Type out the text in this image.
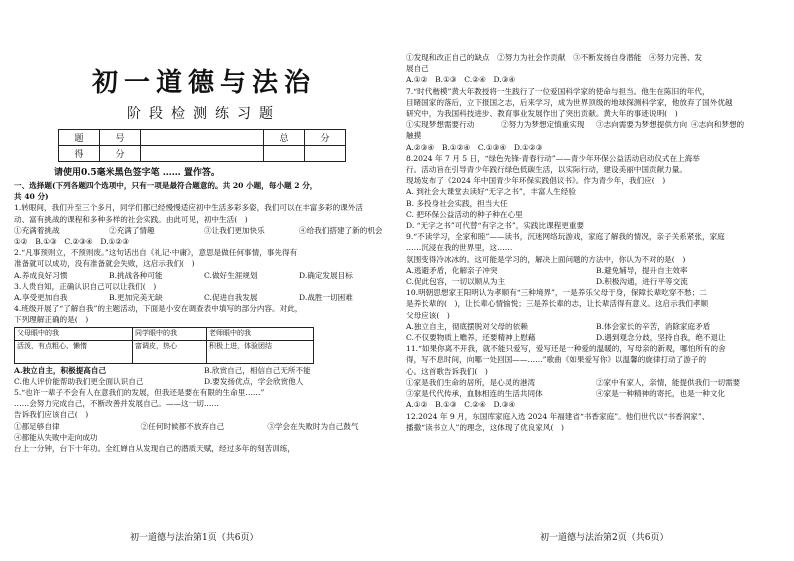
初一道德与法治
阶段检测练习题
题	号		总	分
得	分			
请使用0.5毫米黑色签字笔 …… 置作答。
一、选择题(下列各题四个选项中，只有一项是最符合题意的。共 20 小题，每小题 2 分，
共 40 分)
1.转眼间，我们升至三个多月，同学们都已经慢慢适应初中生活多彩多姿，我们可以在丰富多彩的课外活
动、富有挑战的课程和多种多样的社会实践。由此可见，初中生活(　)
①充满着挑战	②充满了情趣	③让我们更加快乐	④给我们搭建了新的机会
①②　B.①③　C.②③④　D.①②③
2.“凡事预则立，不预则废。”这句话出自《礼记·中庸》，意思是做任何事情，事先得有
准备就可以成功，没有准备就会失败，这启示我们(　)
A.养成良好习惯	B.挑战各种可能	C.做好生涯规划	D.确定发展目标
3.人贵自知，正确认识自己可以让我们(　)
A.享受更加自我	B.更加完美无缺	C.促进自我发展	D.战胜一切困难
4.班级开展了“了解自我”的主题活动，下面是小安在调查表中填写的部分内容。对此，
下列理解正确的是(　)
父母眼中的我	同学眼中的我	老师眼中的我
活泼，有点粗心、懒惰	富调皮，热心	积极上进，体验团结
A.独立自主，积极提高自己	B.欣赏自己，相信自己无所不能
C.他人评价能帮助我们更全面认识自己	D.要发扬优点，学会欣赏他人
5.“也许一辈子不会有人在意我们的发展，但我还是要在有限的生命里……”
……会努力完成自己，不断改善并发展自己。——这一切……
告诉我们应该自己(　)
①都足够自律	②任何时候都不放弃自己	③学会在失败时为自己鼓气
④都能从失败中走向成功
台上一分钟，台下十年功。全红婵自从发现自己的潜质天赋，经过多年的刻苦训练，
①发现和改正自己的缺点　②努力为社会作贡献　③不断发扬自身潜能　④努力完善、发
展自己
A.①②　B.①③　C.②④　D.③④
7.“时代楷模”黄大年教授将一生践行了一位爱国科学家的使命与担当。他生在陈旧的年代，
目睹国家的落后，立下报国之志，后来学习，成为世界顶级的地球探测科学家，他放弃了国外优越
研究中，为我国科技进步、教育事业发展作出了突出贡献。黄大年的事迹说明(　)
①实现梦想需要行动	②努力为梦想定慎重实现	③志向需要为梦想提供方向 ④志向和梦想的
触摸
A.②③④　B.①②④　C.①③④　D.①②③
8.2024 年 7 月 5 日，“绿色先锋·青春行动”——青少年环保公益活动启动仪式在上海举
行。活动旨在引导青少年践行绿色低碳生活，以实际行动，建设美丽中国贡献力量。
现场发布了《2024 年中国青少年环保实践倡议书》。作为青少年，我们应(　)
A. 到社会大课堂去读好“无字之书”，丰富人生经验
B. 多投身社会实践，担当大任
C. 把环保公益活动的种子种在心里
D. “无字之书”可代替“有字之书”，实践比课程更重要
9.“不读学习，全家和睦”——读书，沉迷网络玩游戏，家庭了解我的情况，亲子关系紧张，家庭
……沉浸在我的世界里，这……
氛围变得冷冰冰的。这可能是学习的，解决上面问题的方法中，你认为不对的是(　)
A.逃避矛盾，化解亲子冲突	B.避免辅导，提升自主效率
C.促此包容，一切以顺从为主	D.积极沟通，进行平等交流
10.明朝思想家王阳明认为孝顺有“三种境界”，一是养乐父母于身，保障长辈吃穿不愁；二
是养长辈的(　)，让长辈心情愉悦；三是养长辈的志，让长辈活得有意义。这启示我们孝顺
父母应该(　)
A.独立自主，彻底摆脱对父母的依赖	B.体会家长的辛苦，消除家庭矛盾
C.不仅要物质上赡养，还要精神上慰藉	D.遇到观念分歧，坚持自我，绝不退让
11.“如果你离不开我，就不能只爱写，爱写还是一种爱的温暖的，写母亲的新观，哪怕所有的舍
得，写不息时间，向哪一处回国——……”歌曲《如果爱写你》以温馨的旋律打动了游子的
心。这首歌告诉我们(　)
①家是我们生命的居所，是心灵的港湾	②家中有家人，亲情，能提供我们一切需要
③家是代代传承，血脉相连的生活共同体	④家是一种精神的寄托，也是一种文化
A.①②　B.①③　C.②④　D.③④
12.2024 年 9 月，东国库家庭入选 2024 年福建省“书香家庭”。他们世代以“书香润家”、
播撒“读书立人”的理念，这体现了优良家风(　)
初一道德与法治第1页（共6页）	初一道德与法治第2页（共6页）
